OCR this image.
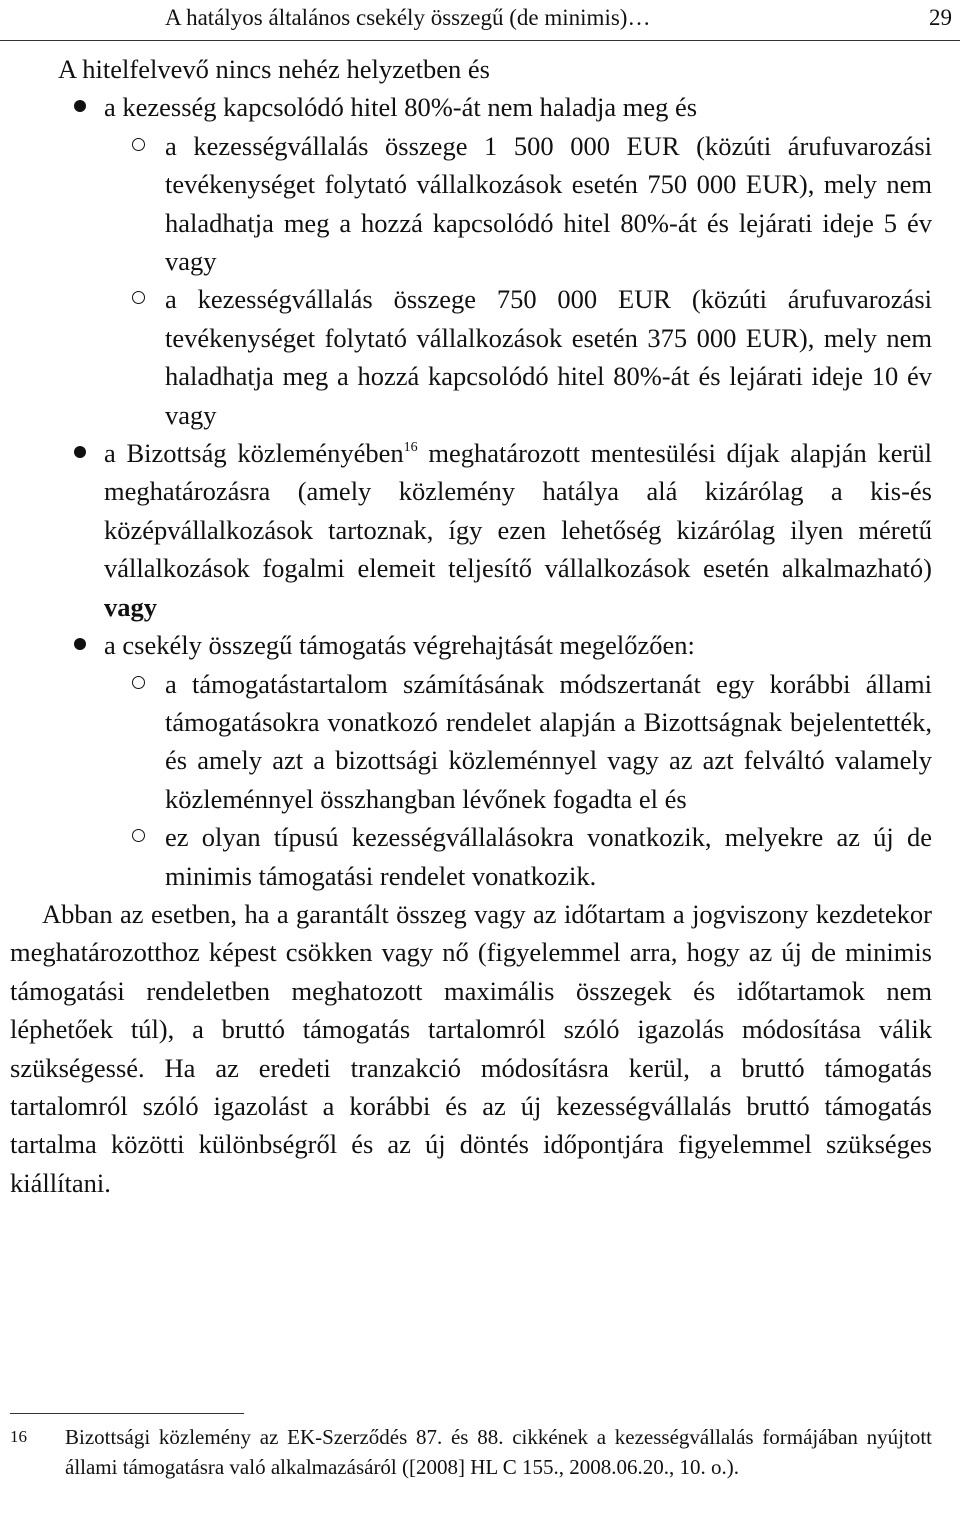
A hatályos általános csekély összegű (de minimis)…	29
A hitelfelvevő nincs nehéz helyzetben és
a kezesség kapcsolódó hitel 80%-át nem haladja meg és
a kezességvállalás összege 1 500 000 EUR (közúti árufuvarozási tevékenységet folytató vállalkozások esetén 750 000 EUR), mely nem haladhatja meg a hozzá kapcsolódó hitel 80%-át és lejárati ideje 5 év vagy
a kezességvállalás összege 750 000 EUR (közúti árufuvarozási tevékenységet folytató vállalkozások esetén 375 000 EUR), mely nem haladhatja meg a hozzá kapcsolódó hitel 80%-át és lejárati ideje 10 év vagy
a Bizottság közleményében$^{16}$ meghatározott mentesülési díjak alapján kerül meghatározásra (amely közlemény hatálya alá kizárólag a kis-és középvállalkozások tartoznak, így ezen lehetőség kizárólag ilyen méretű vállalkozások fogalmi elemeit teljesítő vállalkozások esetén alkalmazható) vagy
a csekély összegű támogatás végrehajtását megelőzően:
a támogatástartalom számításának módszertanát egy korábbi állami támogatásokra vonatkozó rendelet alapján a Bizottságnak bejelentették, és amely azt a bizottsági közleménnyel vagy az azt felváltó valamely közleménnyel összhangban lévőnek fogadta el és
ez olyan típusú kezességvállalásokra vonatkozik, melyekre az új de minimis támogatási rendelet vonatkozik.

Abban az esetben, ha a garantált összeg vagy az időtartam a jogviszony kezdetekor meghatározotthoz képest csökken vagy nő (figyelemmel arra, hogy az új de minimis támogatási rendeletben meghatozott maximális összegek és időtartamok nem léphetőek túl), a bruttó támogatás tartalomról szóló igazolás módosítása válik szükségessé. Ha az eredeti tranzakció módosításra kerül, a bruttó támogatás tartalomról szóló igazolást a korábbi és az új kezességvállalás bruttó támogatás tartalma közötti különbségről és az új döntés időpontjára figyelemmel szükséges kiállítani.

16	Bizottsági közlemény az EK-Szerződés 87. és 88. cikkének a kezességvállalás formájában nyújtott állami támogatásra való alkalmazásáról ([2008] HL C 155., 2008.06.20., 10. o.).
